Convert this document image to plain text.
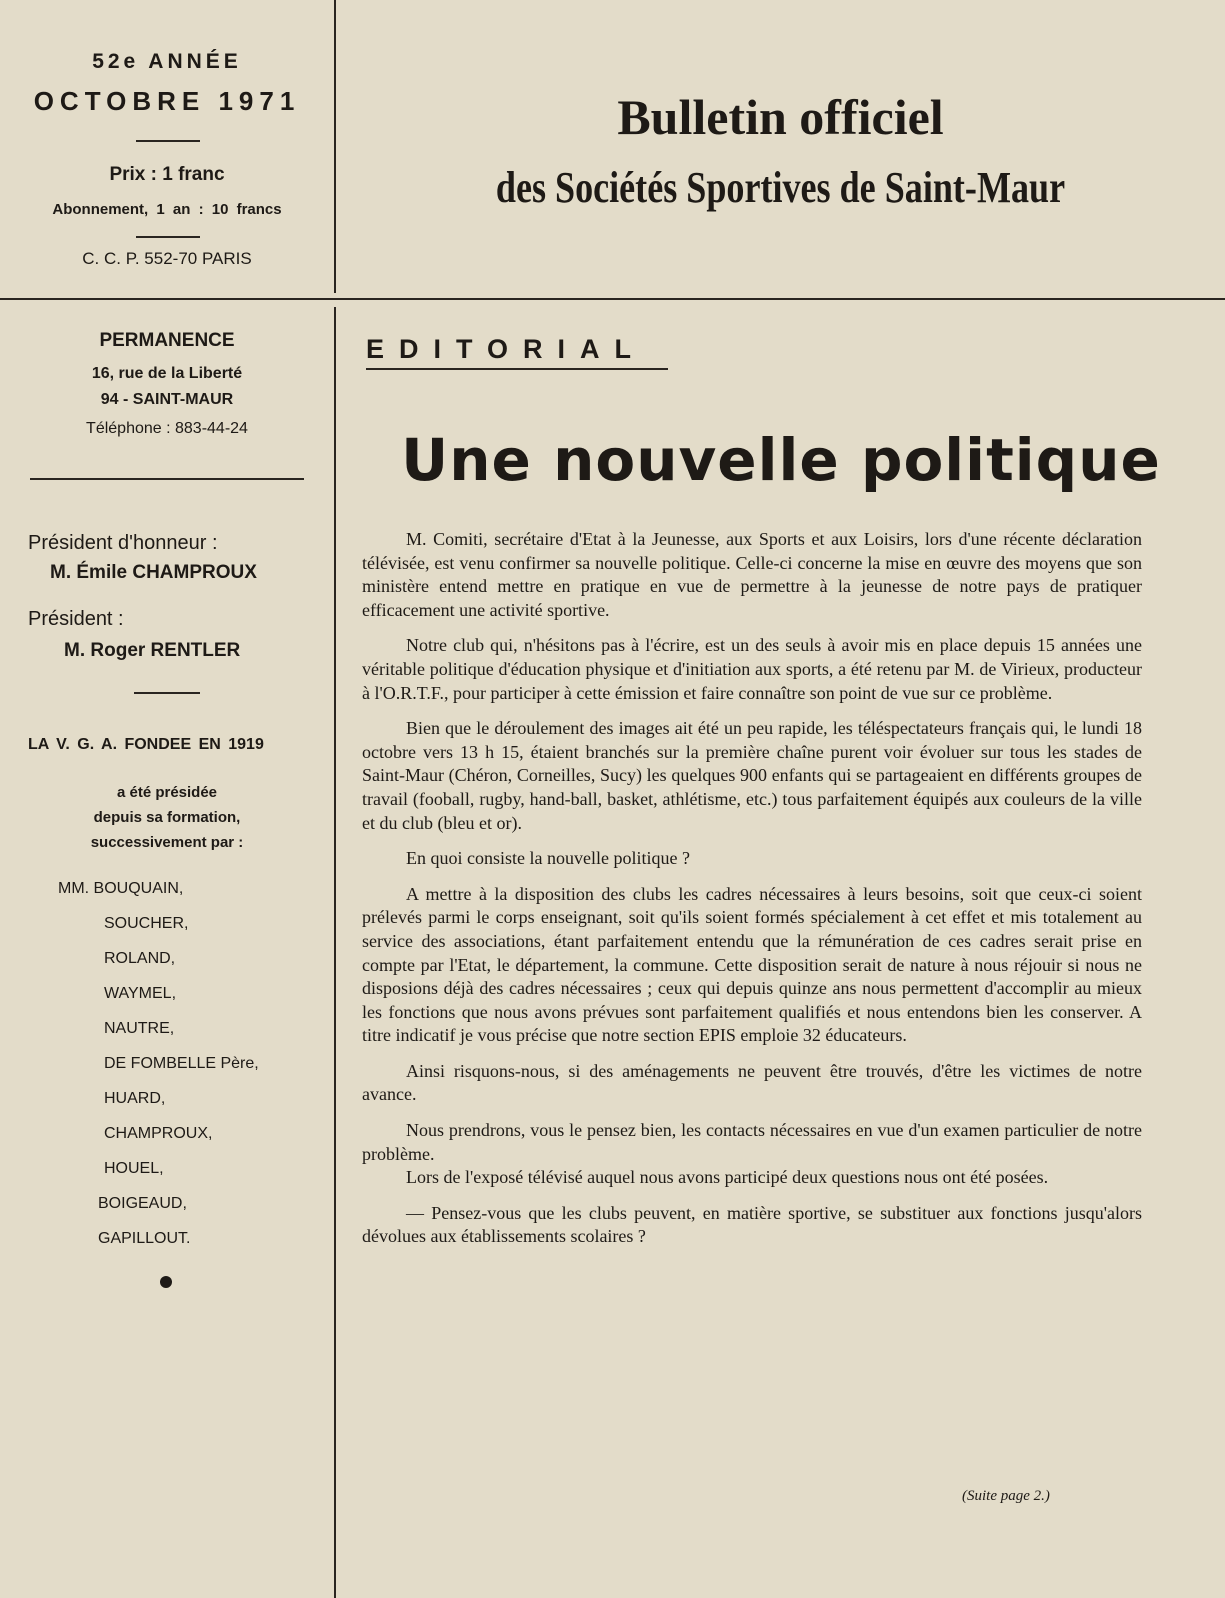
52e ANNÉE
OCTOBRE 1971
Prix : 1 franc
Abonnement, 1 an : 10 francs
C. C. P. 552-70 PARIS
Bulletin officiel
des Sociétés Sportives de Saint-Maur
PERMANENCE
16, rue de la Liberté
94 - SAINT-MAUR
Téléphone : 883-44-24
Président d'honneur :
M. Émile CHAMPROUX
Président :
M. Roger RENTLER
LA V. G. A. FONDEE EN 1919
a été présidée
depuis sa formation,
successivement par :
MM. BOUQUAIN,
SOUCHER,
ROLAND,
WAYMEL,
NAUTRE,
DE FOMBELLE Père,
HUARD,
CHAMPROUX,
HOUEL,
BOIGEAUD,
GAPILLOUT.
EDITORIAL
Une nouvelle politique

M. Comiti, secrétaire d'Etat à la Jeunesse, aux Sports et aux Loisirs, lors d'une récente déclaration télévisée, est venu confirmer sa nouvelle politique. Celle-ci concerne la mise en œuvre des moyens que son ministère entend mettre en pratique en vue de permettre à la jeunesse de notre pays de pratiquer efficacement une activité sportive.

Notre club qui, n'hésitons pas à l'écrire, est un des seuls à avoir mis en place depuis 15 années une véritable politique d'éducation physique et d'initiation aux sports, a été retenu par M. de Virieux, producteur à l'O.R.T.F., pour participer à cette émission et faire connaître son point de vue sur ce problème.

Bien que le déroulement des images ait été un peu rapide, les téléspectateurs français qui, le lundi 18 octobre vers 13 h 15, étaient branchés sur la première chaîne purent voir évoluer sur tous les stades de Saint-Maur (Chéron, Corneilles, Sucy) les quelques 900 enfants qui se partageaient en différents groupes de travail (fooball, rugby, hand-ball, basket, athlétisme, etc.) tous parfaitement équipés aux couleurs de la ville et du club (bleu et or).

En quoi consiste la nouvelle politique ?

A mettre à la disposition des clubs les cadres nécessaires à leurs besoins, soit que ceux-ci soient prélevés parmi le corps enseignant, soit qu'ils soient formés spécialement à cet effet et mis totalement au service des associations, étant parfaitement entendu que la rémunération de ces cadres serait prise en compte par l'Etat, le département, la commune. Cette disposition serait de nature à nous réjouir si nous ne disposions déjà des cadres nécessaires ; ceux qui depuis quinze ans nous permettent d'accomplir au mieux les fonctions que nous avons prévues sont parfaitement qualifiés et nous entendons bien les conserver. A titre indicatif je vous précise que notre section EPIS emploie 32 éducateurs.

Ainsi risquons-nous, si des aménagements ne peuvent être trouvés, d'être les victimes de notre avance.

Nous prendrons, vous le pensez bien, les contacts nécessaires en vue d'un examen particulier de notre problème.

Lors de l'exposé télévisé auquel nous avons participé deux questions nous ont été posées.

— Pensez-vous que les clubs peuvent, en matière sportive, se substituer aux fonctions jusqu'alors dévolues aux établissements scolaires ?

(Suite page 2.)
